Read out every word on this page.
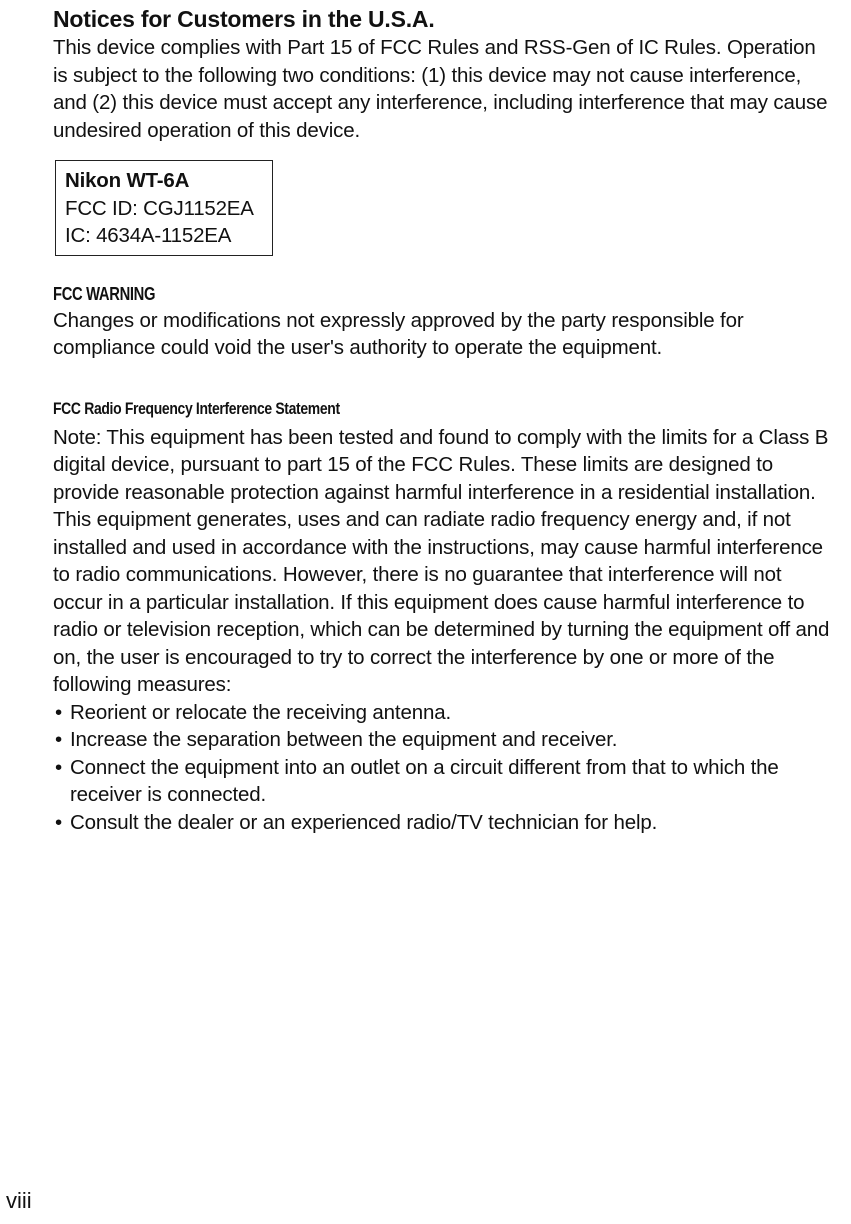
Notices for Customers in the U.S.A.

This device complies with Part 15 of FCC Rules and RSS-Gen of IC Rules. Operation is subject to the following two conditions: (1) this device may not cause interference, and (2) this device must accept any interference, including interference that may cause undesired operation of this device.

Nikon WT-6A
FCC ID: CGJ1152EA
IC: 4634A-1152EA
FCC WARNING

Changes or modifications not expressly approved by the party responsible for compliance could void the user's authority to operate the equipment.

FCC Radio Frequency Interference Statement

Note: This equipment has been tested and found to comply with the limits for a Class B digital device, pursuant to part 15 of the FCC Rules. These limits are designed to provide reasonable protection against harmful interference in a residential installation. This equipment generates, uses and can radiate radio frequency energy and, if not installed and used in accordance with the instructions, may cause harmful interference to radio communications. However, there is no guarantee that interference will not occur in a particular installation. If this equipment does cause harmful interference to radio or television reception, which can be determined by turning the equipment off and on, the user is encouraged to try to correct the interference by one or more of the following measures:

• Reorient or relocate the receiving antenna.
• Increase the separation between the equipment and receiver.
• Connect the equipment into an outlet on a circuit different from that to which the receiver is connected.
• Consult the dealer or an experienced radio/TV technician for help.
viii
